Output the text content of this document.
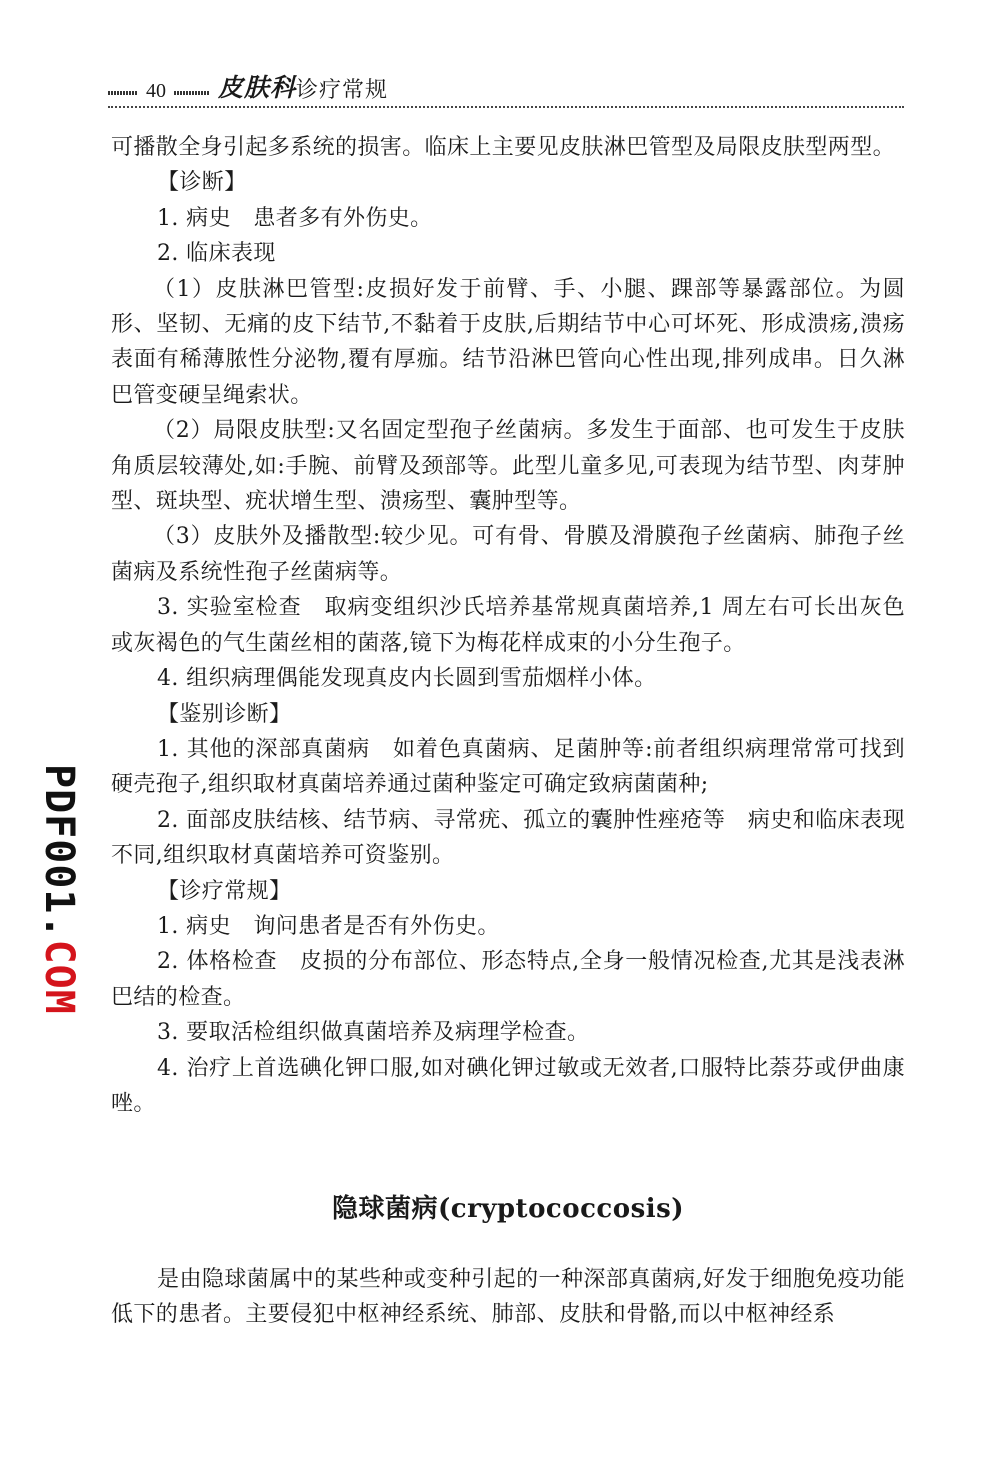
40 皮肤科 诊疗常规
PDF001.COM

可播散全身引起多系统的损害。临床上主要见皮肤淋巴管型及局限皮肤型两型。

【诊断】

1. 病史　患者多有外伤史。

2. 临床表现

（1）皮肤淋巴管型:皮损好发于前臂、手、小腿、踝部等暴露部位。为圆形、坚韧、无痛的皮下结节,不黏着于皮肤,后期结节中心可坏死、形成溃疡,溃疡表面有稀薄脓性分泌物,覆有厚痂。结节沿淋巴管向心性出现,排列成串。日久淋巴管变硬呈绳索状。

（2）局限皮肤型:又名固定型孢子丝菌病。多发生于面部、也可发生于皮肤角质层较薄处,如:手腕、前臂及颈部等。此型儿童多见,可表现为结节型、肉芽肿型、斑块型、疣状增生型、溃疡型、囊肿型等。

（3）皮肤外及播散型:较少见。可有骨、骨膜及滑膜孢子丝菌病、肺孢子丝菌病及系统性孢子丝菌病等。

3. 实验室检查　取病变组织沙氏培养基常规真菌培养,1 周左右可长出灰色或灰褐色的气生菌丝相的菌落,镜下为梅花样成束的小分生孢子。

4. 组织病理偶能发现真皮内长圆到雪茄烟样小体。

【鉴别诊断】

1. 其他的深部真菌病　如着色真菌病、足菌肿等:前者组织病理常常可找到硬壳孢子,组织取材真菌培养通过菌种鉴定可确定致病菌菌种;

2. 面部皮肤结核、结节病、寻常疣、孤立的囊肿性痤疮等　病史和临床表现不同,组织取材真菌培养可资鉴别。

【诊疗常规】

1. 病史　询问患者是否有外伤史。

2. 体格检查　皮损的分布部位、形态特点,全身一般情况检查,尤其是浅表淋巴结的检查。

3. 要取活检组织做真菌培养及病理学检查。

4. 治疗上首选碘化钾口服,如对碘化钾过敏或无效者,口服特比萘芬或伊曲康唑。

隐球菌病(cryptococcosis)

是由隐球菌属中的某些种或变种引起的一种深部真菌病,好发于细胞免疫功能低下的患者。主要侵犯中枢神经系统、肺部、皮肤和骨骼,而以中枢神经系
